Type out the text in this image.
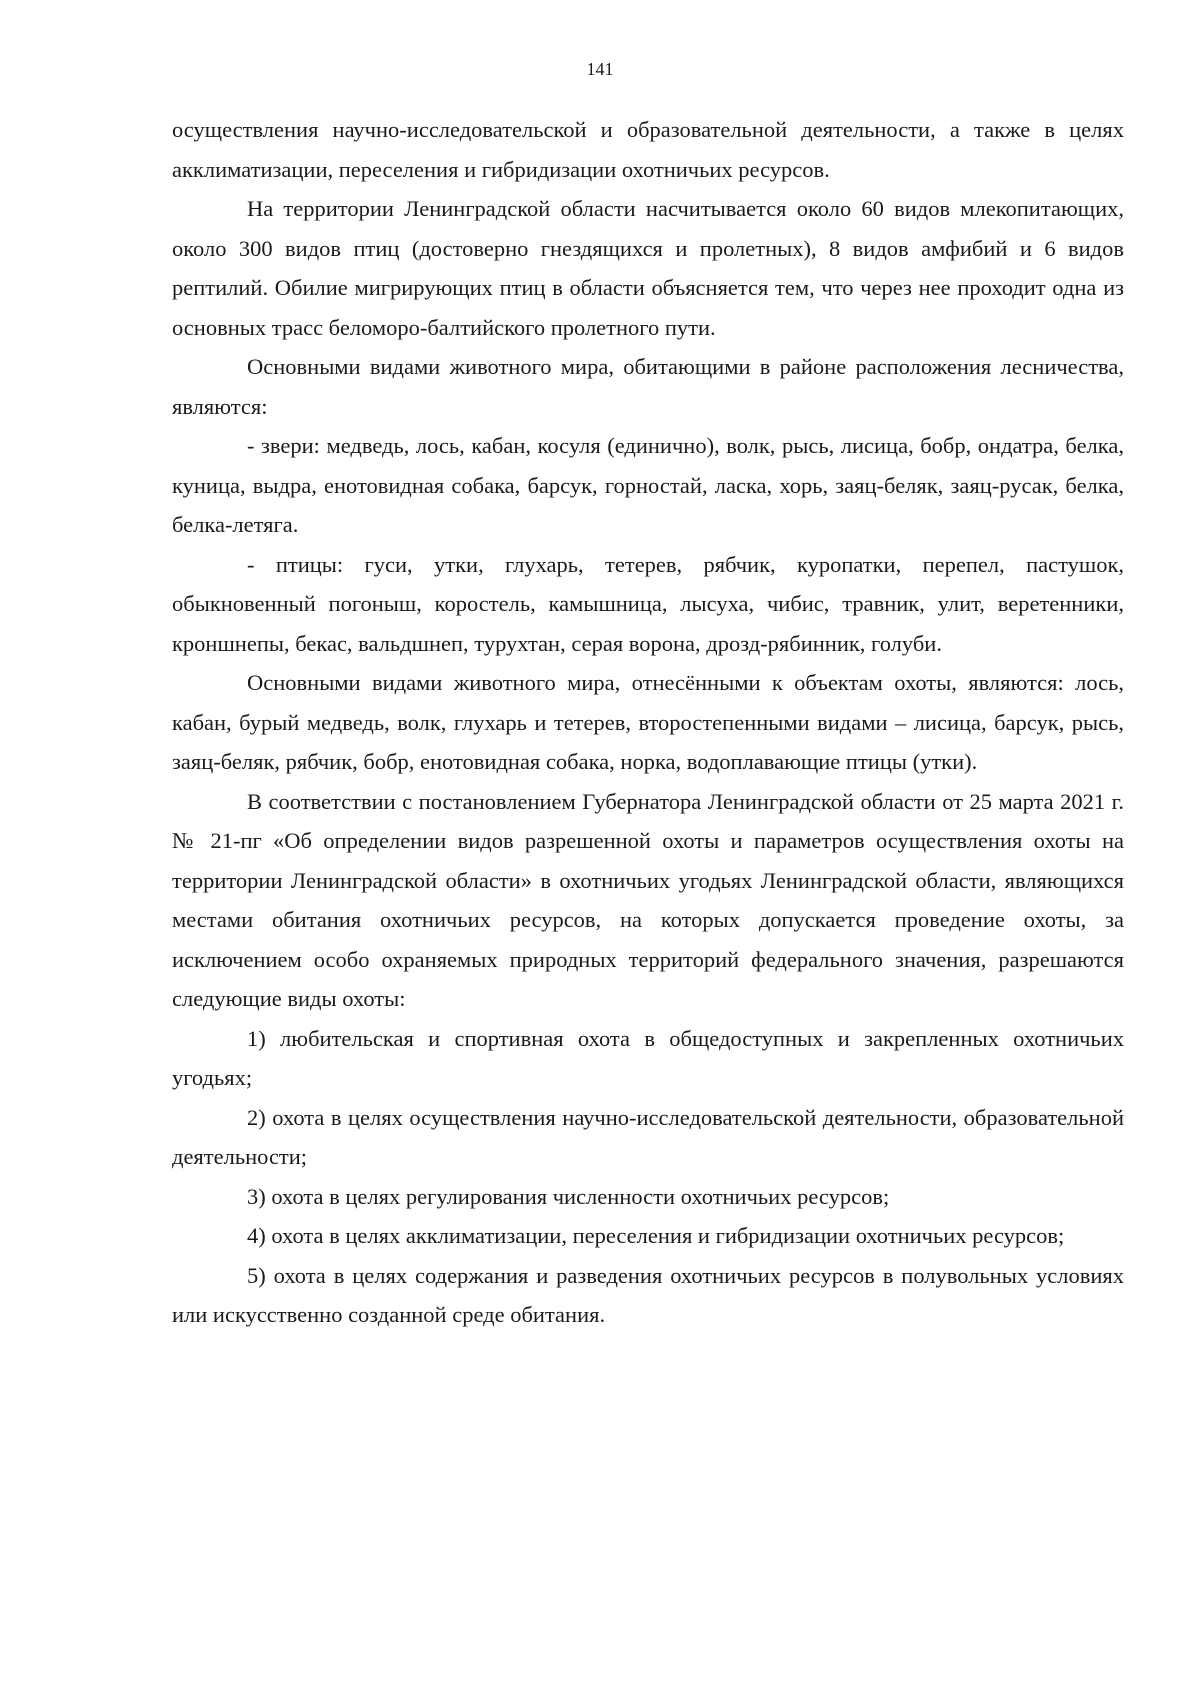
141

осуществления научно-исследовательской и образовательной деятельности, а также в целях акклиматизации, переселения и гибридизации охотничьих ресурсов.

На территории Ленинградской области насчитывается около 60 видов млекопитающих, около 300 видов птиц (достоверно гнездящихся и пролетных), 8 видов амфибий и 6 видов рептилий. Обилие мигрирующих птиц в области объясняется тем, что через нее проходит одна из основных трасс беломоро-балтийского пролетного пути.

Основными видами животного мира, обитающими в районе расположения лесничества, являются:

- звери: медведь, лось, кабан, косуля (единично), волк, рысь, лисица, бобр, ондатра, белка, куница, выдра, енотовидная собака, барсук, горностай, ласка, хорь, заяц-беляк, заяц-русак, белка, белка-летяга.

- птицы: гуси, утки, глухарь, тетерев, рябчик, куропатки, перепел, пастушок, обыкновенный погоныш, коростель, камышница, лысуха, чибис, травник, улит, веретенники, кроншнепы, бекас, вальдшнеп, турухтан, серая ворона, дрозд-рябинник, голуби.

Основными видами животного мира, отнесёнными к объектам охоты, являются: лось, кабан, бурый медведь, волк, глухарь и тетерев, второстепенными видами – лисица, барсук, рысь, заяц-беляк, рябчик, бобр, енотовидная собака, норка, водоплавающие птицы (утки).

В соответствии с постановлением Губернатора Ленинградской области от 25 марта 2021 г. № 21-пг «Об определении видов разрешенной охоты и параметров осуществления охоты на территории Ленинградской области» в охотничьих угодьях Ленинградской области, являющихся местами обитания охотничьих ресурсов, на которых допускается проведение охоты, за исключением особо охраняемых природных территорий федерального значения, разрешаются следующие виды охоты:

1) любительская и спортивная охота в общедоступных и закрепленных охотничьих угодьях;

2) охота в целях осуществления научно-исследовательской деятельности, образовательной деятельности;

3) охота в целях регулирования численности охотничьих ресурсов;

4) охота в целях акклиматизации, переселения и гибридизации охотничьих ресурсов;

5) охота в целях содержания и разведения охотничьих ресурсов в полувольных условиях или искусственно созданной среде обитания.
